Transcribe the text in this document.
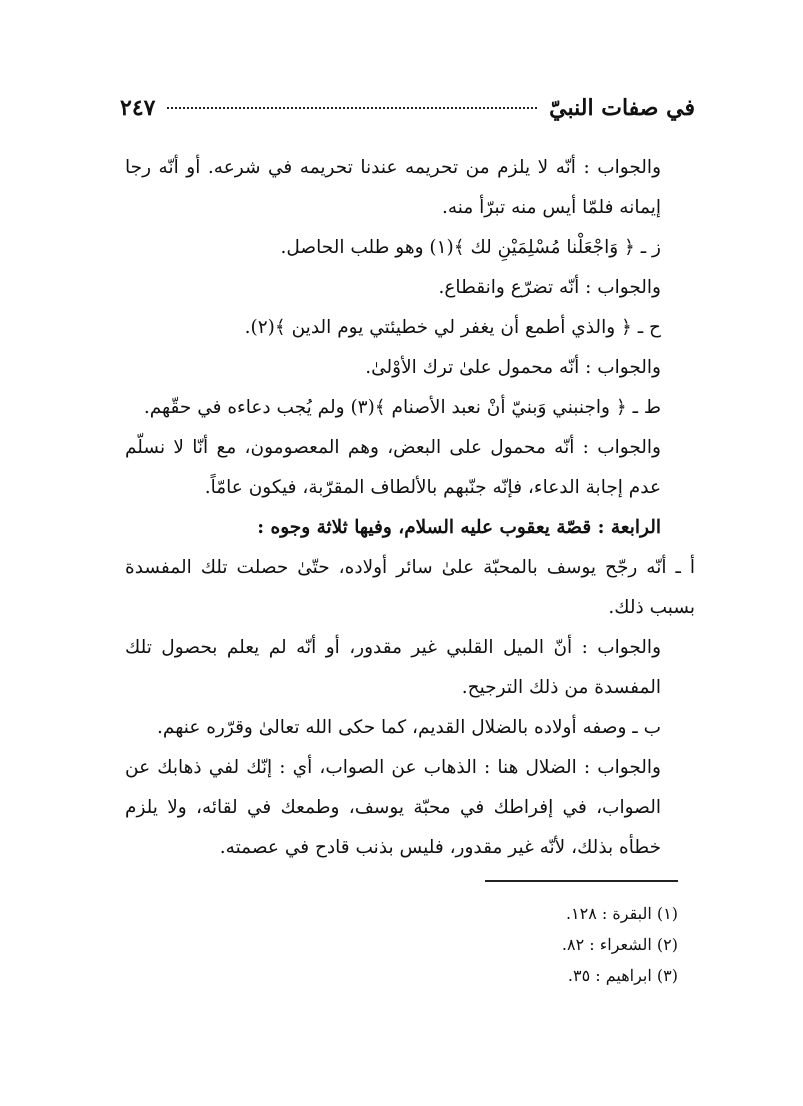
في صفات النبيّ
٢٤٧

والجواب : أنّه لا يلزم من تحريمه عندنا تحريمه في شرعه. أو أنّه رجا إيمانه فلمّا أيس منه تبرّأ منه.

ز ـ ﴿ وَاجْعَلْنا مُسْلِمَيْنِ لك ﴾(١) وهو طلب الحاصل.

والجواب : أنّه تضرّع وانقطاع.

ح ـ ﴿ والذي أطمع أن يغفر لي خطيئتي يوم الدين ﴾(٢).

والجواب : أنّه محمول علىٰ ترك الأوْلىٰ.

ط ـ ﴿ واجنبني وَبنيّ أنْ نعبد الأصنام ﴾(٣) ولم يُجب دعاءه في حقّهم.

والجواب : أنّه محمول على البعض، وهم المعصومون، مع أنّا لا نسلّم عدم إجابة الدعاء، فإنّه جنّبهم بالألطاف المقرّبة، فيكون عامّاً.

الرابعة : قصّة يعقوب عليه السلام، وفيها ثلاثة وجوه :

أ ـ أنّه رجّح يوسف بالمحبّة علىٰ سائر أولاده، حتّىٰ حصلت تلك المفسدة بسبب ذلك.

والجواب : أنّ الميل القلبي غير مقدور، أو أنّه لم يعلم بحصول تلك المفسدة من ذلك الترجيح.

ب ـ وصفه أولاده بالضلال القديم، كما حكى الله تعالىٰ وقرّره عنهم.

والجواب : الضلال هنا : الذهاب عن الصواب، أي : إنّك لفي ذهابك عن الصواب، في إفراطك في محبّة يوسف، وطمعك في لقائه، ولا يلزم خطأه بذلك، لأنّه غير مقدور، فليس بذنب قادح في عصمته.

(١) البقرة : ١٢٨.

(٢) الشعراء : ٨٢.

(٣) ابراهيم : ٣٥.
